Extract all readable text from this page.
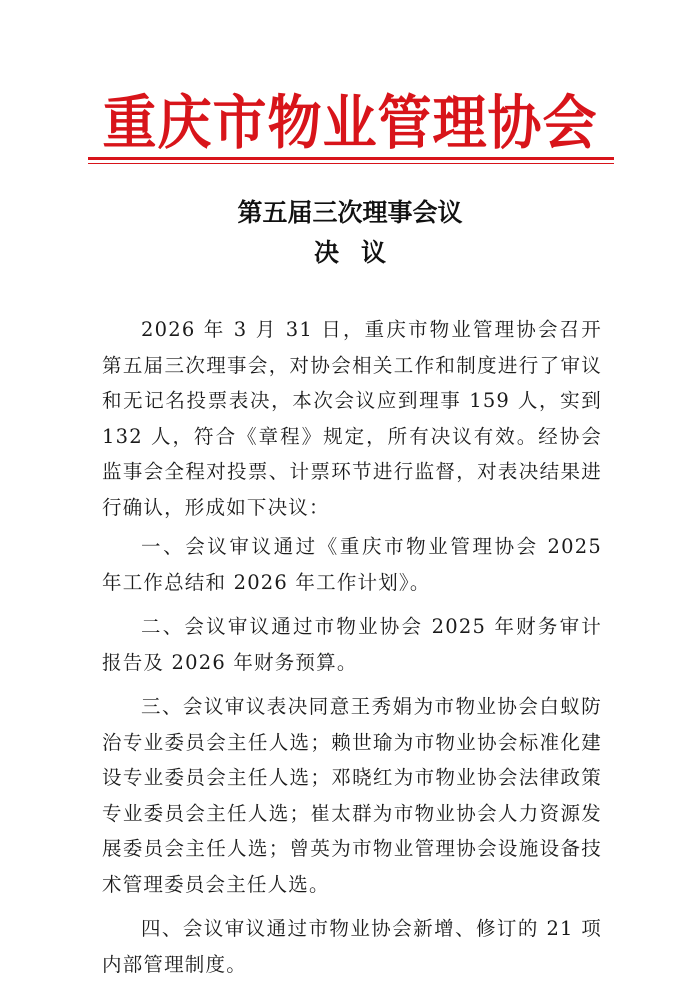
重庆市物业管理协会
第五届三次理事会议
决议

2026 年 3 月 31 日，重庆市物业管理协会召开第五届三次理事会，对协会相关工作和制度进行了审议和无记名投票表决，本次会议应到理事 159 人，实到 132 人，符合《章程》规定，所有决议有效。经协会监事会全程对投票、计票环节进行监督，对表决结果进行确认，形成如下决议：

一、会议审议通过《重庆市物业管理协会 2025 年工作总结和 2026 年工作计划》。

二、会议审议通过市物业协会 2025 年财务审计报告及 2026 年财务预算。

三、会议审议表决同意王秀娟为市物业协会白蚁防治专业委员会主任人选；赖世瑜为市物业协会标准化建设专业委员会主任人选；邓晓红为市物业协会法律政策专业委员会主任人选；崔太群为市物业协会人力资源发展委员会主任人选；曾英为市物业管理协会设施设备技术管理委员会主任人选。

四、会议审议通过市物业协会新增、修订的 21 项内部管理制度。
